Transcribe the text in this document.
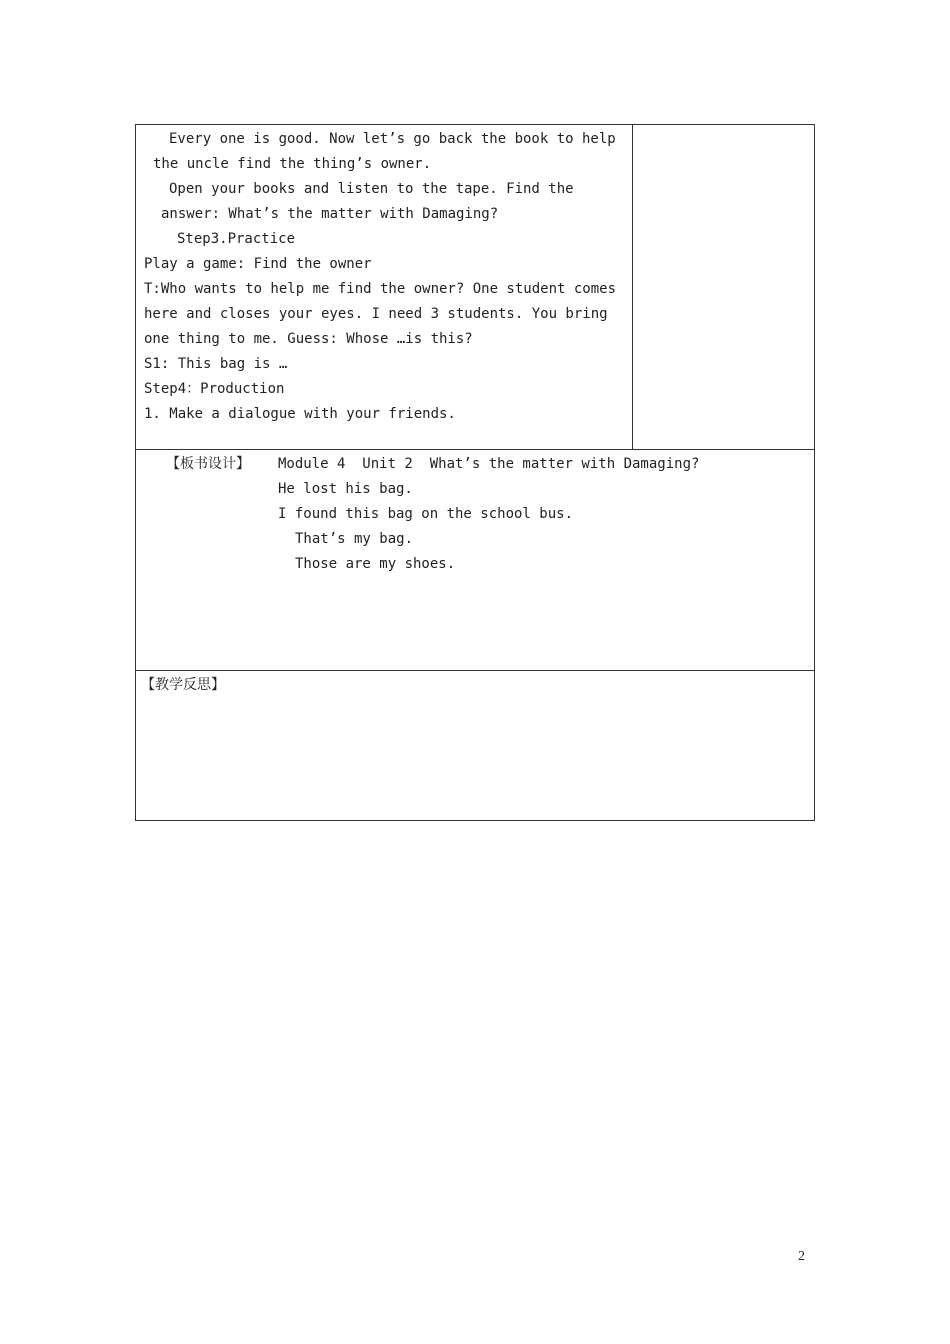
Every one is good. Now let’s go back the book to help
the uncle find the thing’s owner.
Open your books and listen to the tape. Find the
answer: What’s the matter with Damaging?
Step3.Practice
Play a game: Find the owner
T:Who wants to help me find the owner? One student comes
here and closes your eyes. I need 3 students. You bring
one thing to me. Guess: Whose …is this?
S1: This bag is …
Step4：Production
1. Make a dialogue with your friends.
【板书设计】 Module 4  Unit 2  What’s the matter with Damaging?
He lost his bag.
I found this bag on the school bus.
That’s my bag.
Those are my shoes.
【教学反思】
2
